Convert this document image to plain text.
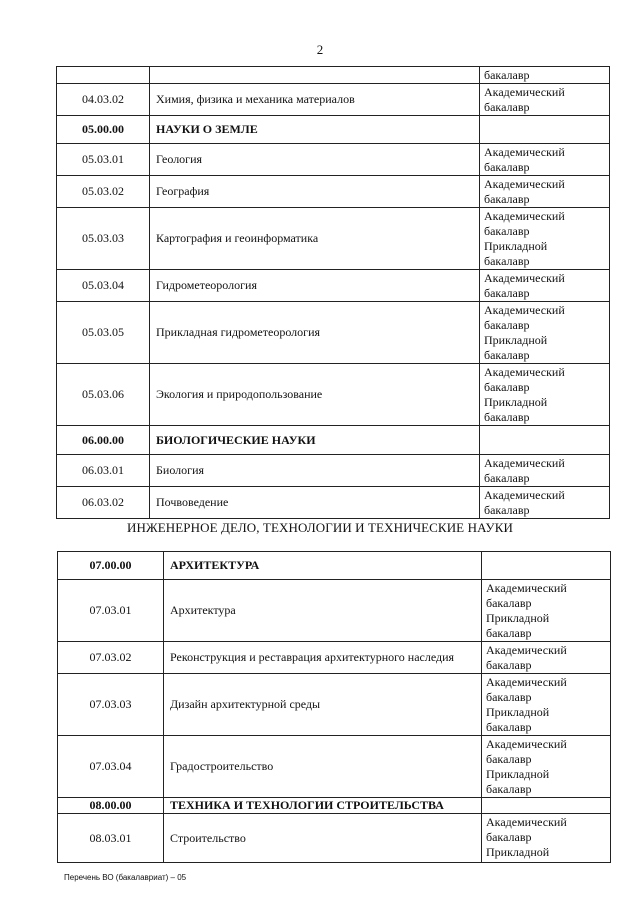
2
		бакалавр
04.03.02	Химия, физика и механика материалов	Академический
бакалавр
05.00.00	НАУКИ О ЗЕМЛЕ	
05.03.01	Геология	Академический
бакалавр
05.03.02	География	Академический
бакалавр
05.03.03	Картография и геоинформатика	Академический
бакалавр
Прикладной
бакалавр
05.03.04	Гидрометеорология	Академический
бакалавр
05.03.05	Прикладная гидрометеорология	Академический
бакалавр
Прикладной
бакалавр
05.03.06	Экология и природопользование	Академический
бакалавр
Прикладной
бакалавр
06.00.00	БИОЛОГИЧЕСКИЕ НАУКИ	
06.03.01	Биология	Академический
бакалавр
06.03.02	Почвоведение	Академический
бакалавр
ИНЖЕНЕРНОЕ ДЕЛО, ТЕХНОЛОГИИ И ТЕХНИЧЕСКИЕ НАУКИ
07.00.00	АРХИТЕКТУРА	
07.03.01	Архитектура	Академический
бакалавр
Прикладной
бакалавр
07.03.02	Реконструкция и реставрация архитектурного наследия	Академический
бакалавр
07.03.03	Дизайн архитектурной среды	Академический
бакалавр
Прикладной
бакалавр
07.03.04	Градостроительство	Академический
бакалавр
Прикладной
бакалавр
08.00.00	ТЕХНИКА И ТЕХНОЛОГИИ СТРОИТЕЛЬСТВА	
08.03.01	Строительство	Академический
бакалавр
Прикладной
Перечень ВО (бакалавриат) – 05
